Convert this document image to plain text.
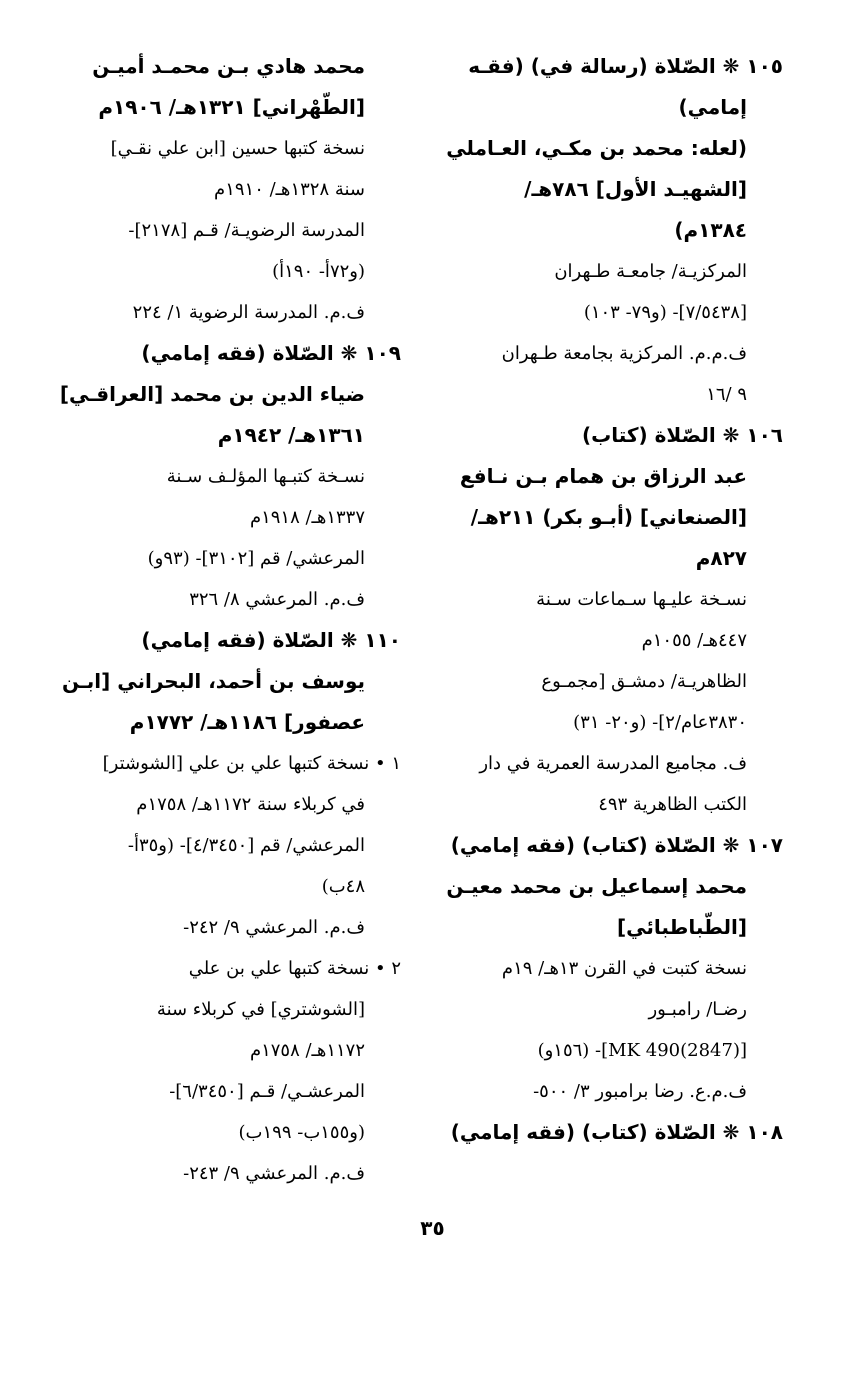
١٠٥ ❋ الصّلاة (رسالة في) (فقـه
إمامي)
(لعله: محمد بن مكـي، العـاملي
[الشهيـد الأول] ٧٨٦هـ/
١٣٨٤م)
المركزيـة/ جامعـة طـهران
[٧/٥٤٣٨]- (و٧٩- ١٠٣)
ف.م.م. المركزية بجامعة طـهران
٩ /١٦
١٠٦ ❋ الصّلاة (كتاب)
عبد الرزاق بن همام بـن نـافع
[الصنعاني] (أبـو بكر) ٢١١هـ/
٨٢٧م
نسـخة عليـها سـماعات سـنة
٤٤٧هـ/ ١٠٥٥م
الظاهريـة/ دمشـق [مجمـوع
٣٨٣٠عام/٢]- (و٢٠- ٣١)
ف. مجاميع المدرسة العمرية في دار
الكتب الظاهرية ٤٩٣
١٠٧ ❋ الصّلاة (كتاب) (فقه إمامي)
محمد إسماعيل بن محمد معيـن
[الطّباطبائي]
نسخة كتبت في القرن ١٣هـ/ ١٩م
رضـا/ رامبـور
[MK 490(2847)]- (١٥٦و)
ف.م.ع. رضا برامبور ٣/ ٥٠٠-
١٠٨ ❋ الصّلاة (كتاب) (فقه إمامي)
محمد هادي بـن محمـد أميـن
[الطّهْراني] ١٣٢١هـ/ ١٩٠٦م
نسخة كتبها حسين [ابن علي نقـي]
سنة ١٣٢٨هـ/ ١٩١٠م
المدرسة الرضويـة/ قـم [٢١٧٨]-
(و٧٢أ- ١٩٠أ)
ف.م. المدرسة الرضوية ١/ ٢٢٤
١٠٩ ❋ الصّلاة (فقه إمامي)
ضياء الدين بن محمد [العراقـي]
١٣٦١هـ/ ١٩٤٢م
نسـخة كتبـها المؤلـف سـنة
١٣٣٧هـ/ ١٩١٨م
المرعشي/ قم [٣١٠٢]- (٩٣و)
ف.م. المرعشي ٨/ ٣٢٦
١١٠ ❋ الصّلاة (فقه إمامي)
يوسف بن أحمد، البحراني [ابـن
عصفور] ١١٨٦هـ/ ١٧٧٢م
١ • نسخة كتبها علي بن علي [الشوشتر]
في كربلاء سنة ١١٧٢هـ/ ١٧٥٨م
المرعشي/ قم [٤/٣٤٥٠]- (و٣٥أ-
٤٨ب)
ف.م. المرعشي ٩/ ٢٤٢-
٢ • نسخة كتبها علي بن علي
[الشوشتري] في كربلاء سنة
١١٧٢هـ/ ١٧٥٨م
المرعشـي/ قـم [٦/٣٤٥٠]-
(و١٥٥ب- ١٩٩ب)
ف.م. المرعشي ٩/ ٢٤٣-
٣٥
